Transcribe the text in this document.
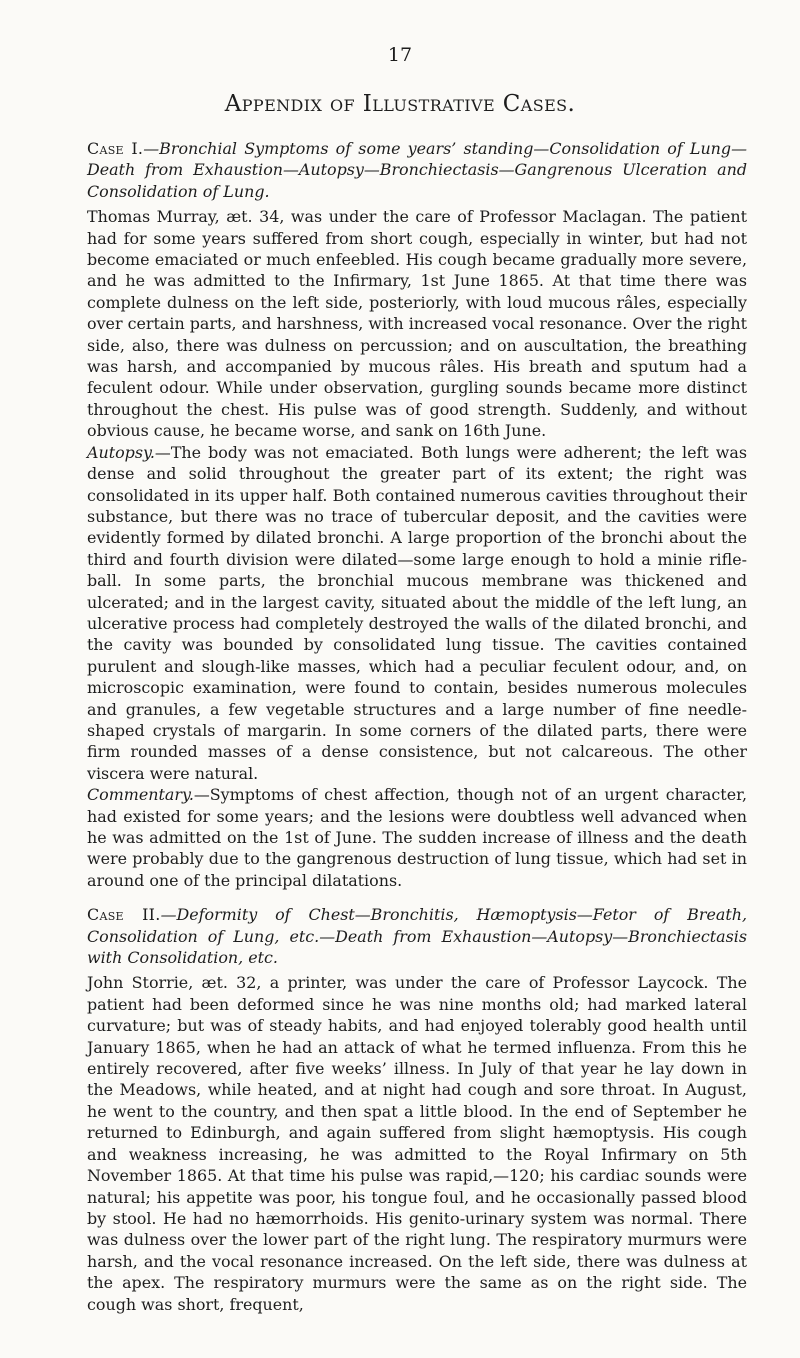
17
Appendix of Illustrative Cases.

Case I.—Bronchial Symptoms of some years’ standing—Consolidation of Lung—Death from Exhaustion—Autopsy—Bronchiectasis—Gangrenous Ulceration and Consolidation of Lung.

Thomas Murray, æt. 34, was under the care of Professor Maclagan. The patient had for some years suffered from short cough, especially in winter, but had not become emaciated or much enfeebled. His cough became gradually more severe, and he was admitted to the Infirmary, 1st June 1865. At that time there was complete dulness on the left side, posteriorly, with loud mucous râles, especially over certain parts, and harshness, with increased vocal resonance. Over the right side, also, there was dulness on percussion; and on auscultation, the breathing was harsh, and accompanied by mucous râles. His breath and sputum had a feculent odour. While under observation, gurgling sounds became more distinct throughout the chest. His pulse was of good strength. Suddenly, and without obvious cause, he became worse, and sank on 16th June.

Autopsy.—The body was not emaciated. Both lungs were adherent; the left was dense and solid throughout the greater part of its extent; the right was consolidated in its upper half. Both contained numerous cavities throughout their substance, but there was no trace of tubercular deposit, and the cavities were evidently formed by dilated bronchi. A large proportion of the bronchi about the third and fourth division were dilated—some large enough to hold a minie rifle-ball. In some parts, the bronchial mucous membrane was thickened and ulcerated; and in the largest cavity, situated about the middle of the left lung, an ulcerative process had completely destroyed the walls of the dilated bronchi, and the cavity was bounded by consolidated lung tissue. The cavities contained purulent and slough-like masses, which had a peculiar feculent odour, and, on microscopic examination, were found to contain, besides numerous molecules and granules, a few vegetable structures and a large number of fine needle-shaped crystals of margarin. In some corners of the dilated parts, there were firm rounded masses of a dense consistence, but not calcareous. The other viscera were natural.

Commentary.—Symptoms of chest affection, though not of an urgent character, had existed for some years; and the lesions were doubtless well advanced when he was admitted on the 1st of June. The sudden increase of illness and the death were probably due to the gangrenous destruction of lung tissue, which had set in around one of the principal dilatations.

Case II.—Deformity of Chest—Bronchitis, Hæmoptysis—Fetor of Breath, Consolidation of Lung, etc.—Death from Exhaustion—Autopsy—Bronchiectasis with Consolidation, etc.

John Storrie, æt. 32, a printer, was under the care of Professor Laycock. The patient had been deformed since he was nine months old; had marked lateral curvature; but was of steady habits, and had enjoyed tolerably good health until January 1865, when he had an attack of what he termed influenza. From this he entirely recovered, after five weeks’ illness. In July of that year he lay down in the Meadows, while heated, and at night had cough and sore throat. In August, he went to the country, and then spat a little blood. In the end of September he returned to Edinburgh, and again suffered from slight hæmoptysis. His cough and weakness increasing, he was admitted to the Royal Infirmary on 5th November 1865. At that time his pulse was rapid,—120; his cardiac sounds were natural; his appetite was poor, his tongue foul, and he occasionally passed blood by stool. He had no hæmorrhoids. His genito-urinary system was normal. There was dulness over the lower part of the right lung. The respiratory murmurs were harsh, and the vocal resonance increased. On the left side, there was dulness at the apex. The respiratory murmurs were the same as on the right side. The cough was short, frequent,
